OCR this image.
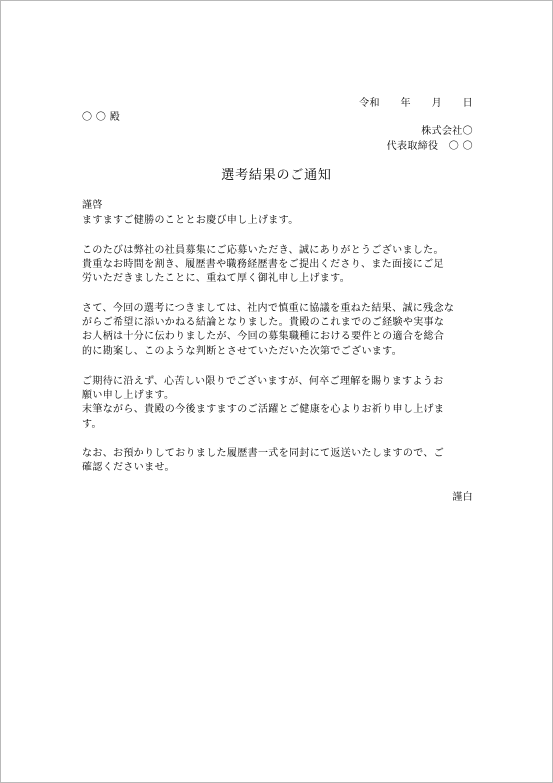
令和　　年　　月　　日
〇 〇 殿
株式会社〇
代表取締役　〇 〇
選考結果のご通知
謹啓
ますますご健勝のこととお慶び申し上げます。
このたびは弊社の社員募集にご応募いただき、誠にありがとうございました。
貴重なお時間を割き、履歴書や職務経歴書をご提出くださり、また面接にご足
労いただきましたことに、重ねて厚く御礼申し上げます。
さて、今回の選考につきましては、社内で慎重に協議を重ねた結果、誠に残念な
がらご希望に添いかねる結論となりました。貴殿のこれまでのご経験や実事な
お人柄は十分に伝わりましたが、今回の募集職種における要件との適合を総合
的に勘案し、このような判断とさせていただいた次第でございます。
ご期待に沿えず、心苦しい限りでございますが、何卒ご理解を賜りますようお
願い申し上げます。
末筆ながら、貴殿の今後ますますのご活躍とご健康を心よりお祈り申し上げま
す。
なお、お預かりしておりました履歴書一式を同封にて返送いたしますので、ご
確認くださいませ。
謹白
